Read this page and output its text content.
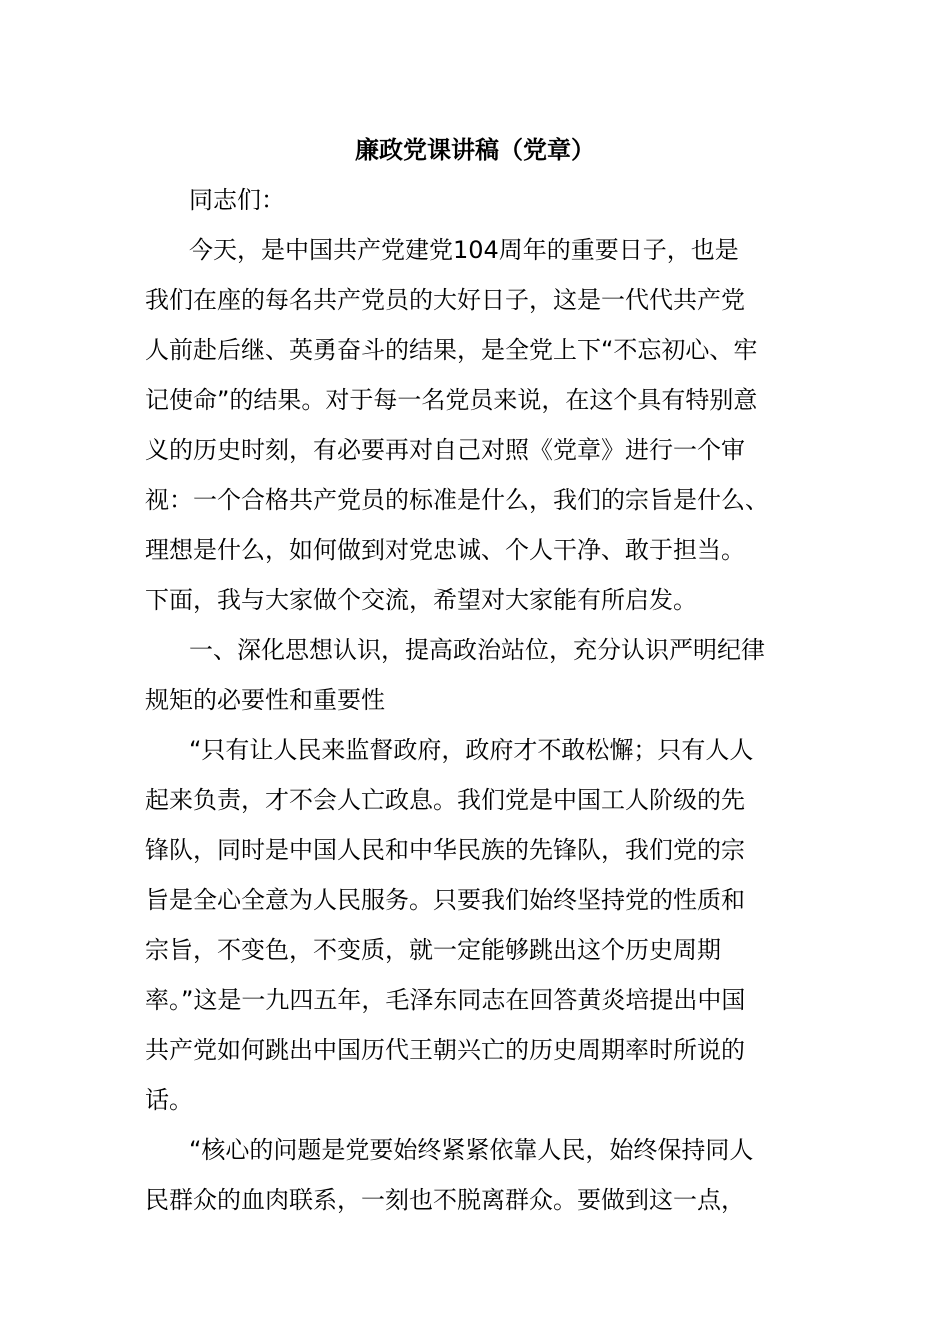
廉政党课讲稿（党章）
同志们：
今天，是中国共产党建党104周年的重要日子，也是
我们在座的每名共产党员的大好日子，这是一代代共产党
人前赴后继、英勇奋斗的结果，是全党上下“不忘初心、牢
记使命”的结果。对于每一名党员来说，在这个具有特别意
义的历史时刻，有必要再对自己对照《党章》进行一个审
视：一个合格共产党员的标准是什么，我们的宗旨是什么、
理想是什么，如何做到对党忠诚、个人干净、敢于担当。
下面，我与大家做个交流，希望对大家能有所启发。
一、深化思想认识，提高政治站位，充分认识严明纪律
规矩的必要性和重要性
“只有让人民来监督政府，政府才不敢松懈；只有人人
起来负责，才不会人亡政息。我们党是中国工人阶级的先
锋队，同时是中国人民和中华民族的先锋队，我们党的宗
旨是全心全意为人民服务。只要我们始终坚持党的性质和
宗旨，不变色，不变质，就一定能够跳出这个历史周期
率。”这是一九四五年，毛泽东同志在回答黄炎培提出中国
共产党如何跳出中国历代王朝兴亡的历史周期率时所说的
话。
“核心的问题是党要始终紧紧依靠人民，始终保持同人
民群众的血肉联系，一刻也不脱离群众。要做到这一点，
